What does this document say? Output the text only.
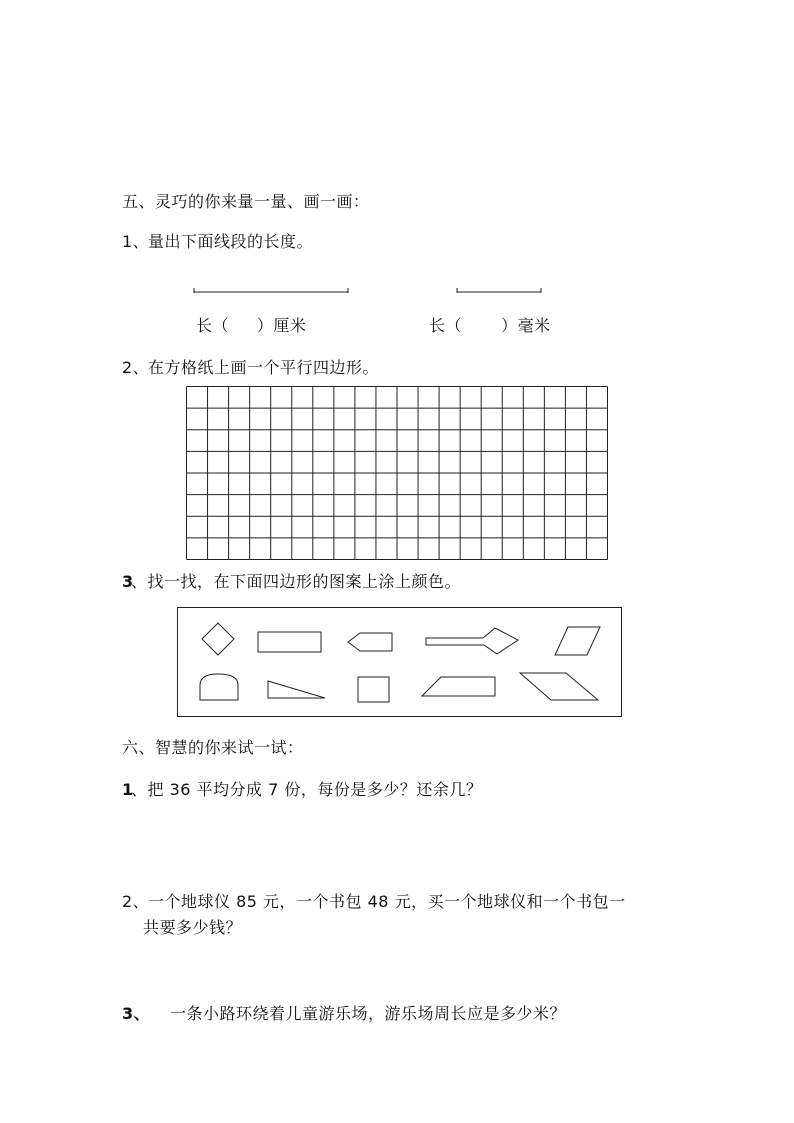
五、灵巧的你来量一量、画一画：
1、
量出下面线段的长度。
长（     ）厘米	长（       ）毫米
2、
在方格纸上画一个平行四边形。
3
、找一找，在下面四边形的图案上涂上颜色。
六、智慧的你来试一试：
1
、把 36 平均分成 7 份，每份是多少？还余几？
2、
一个地球仪 85 元，一个书包 48 元，买一个地球仪和一个书包一
共要多少钱？
3、 一条小路环绕着儿童游乐场，游乐场周长应是多少米？
